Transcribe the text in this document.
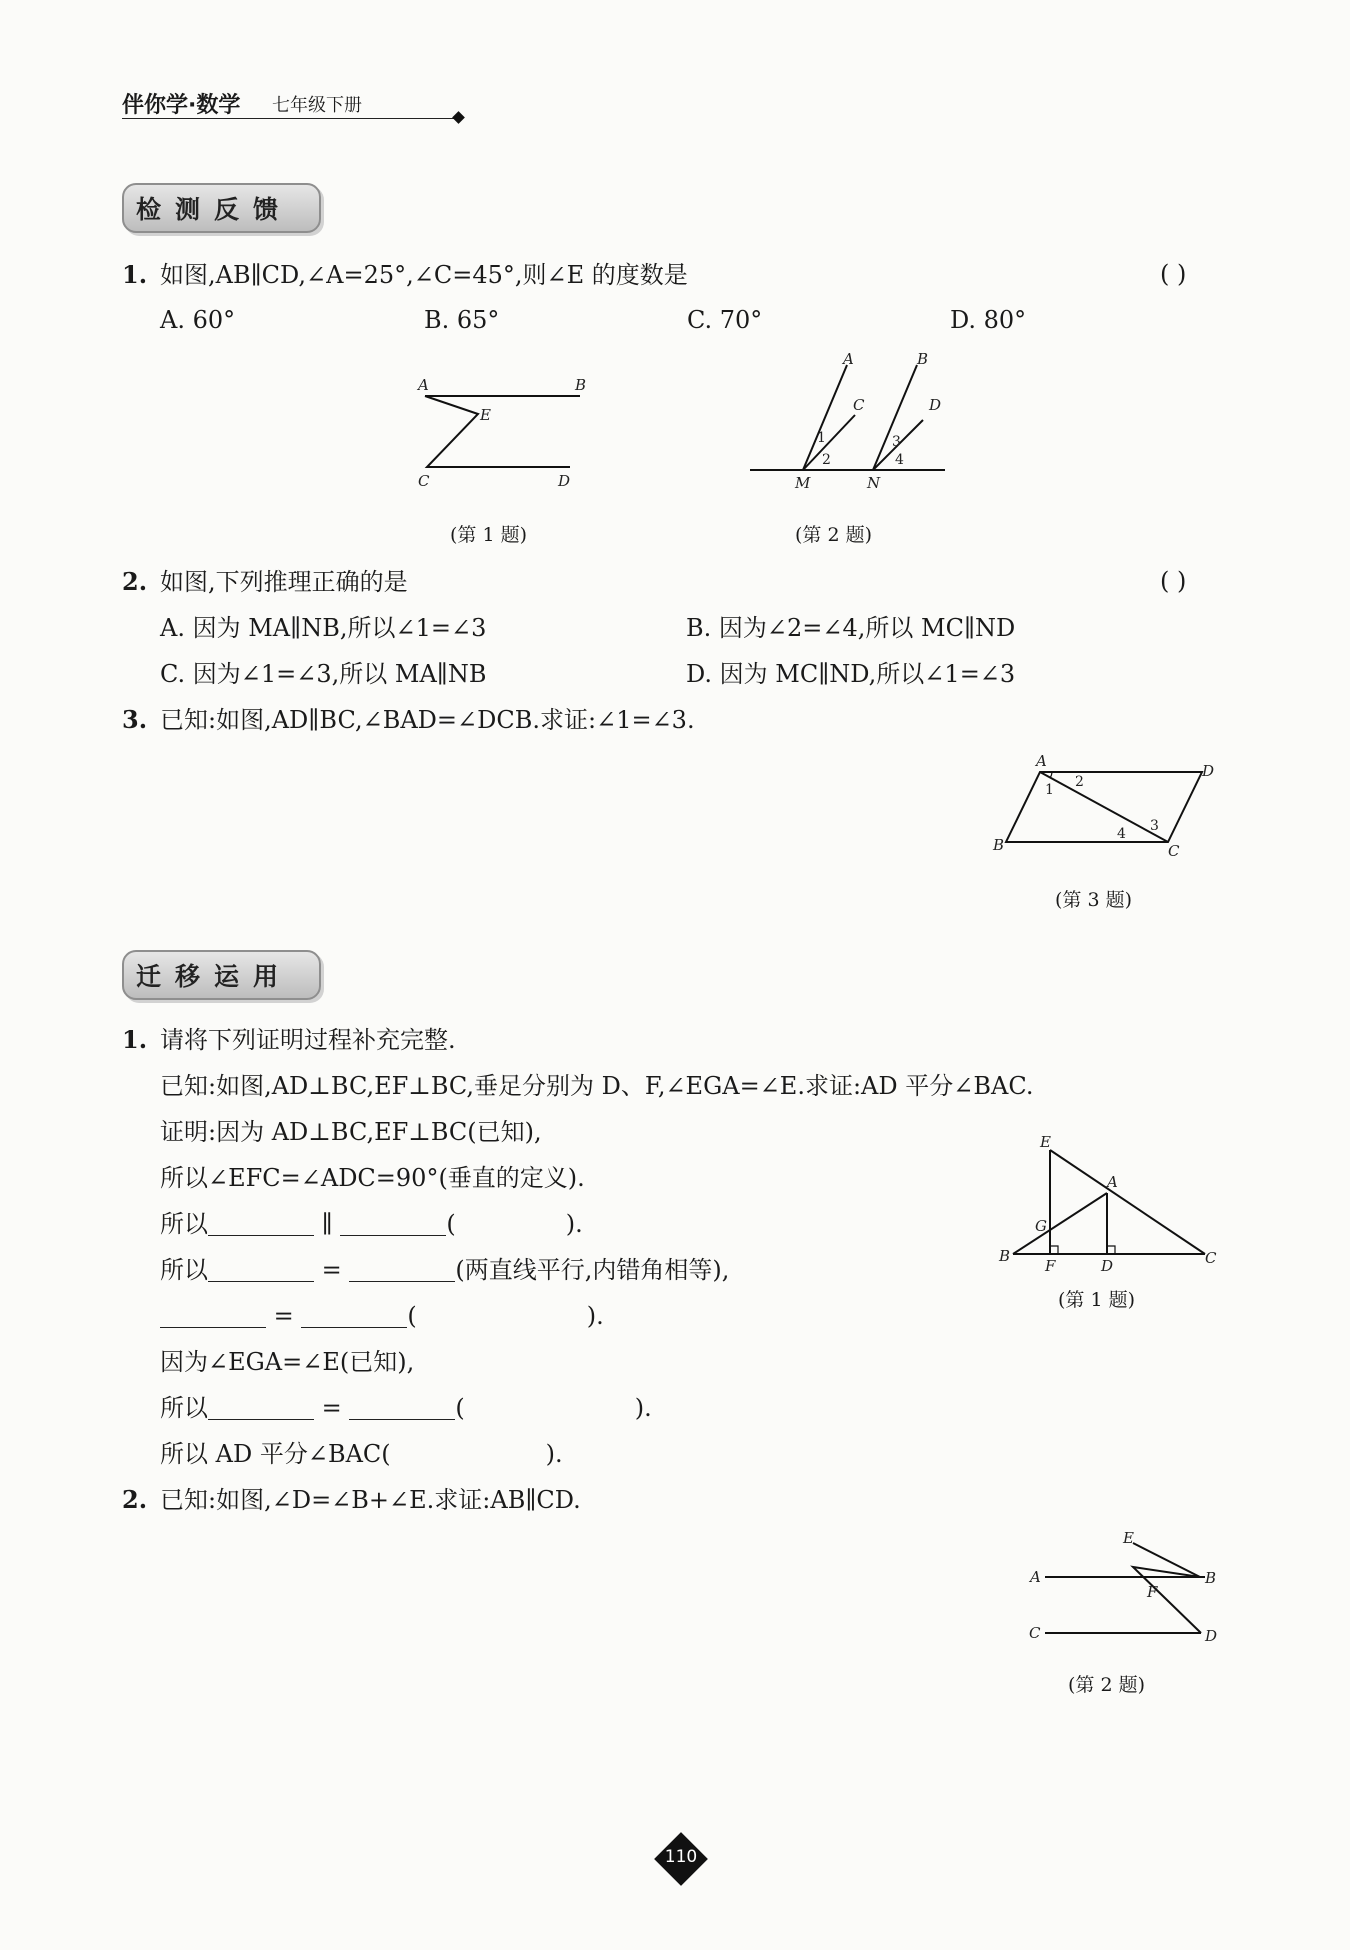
伴你学·数学 七年级下册
检测反馈
1. 如图,AB∥CD,∠A=25°,∠C=45°,则∠E 的度数是	( )
A. 60°	B. 65°	C. 70°	D. 80°
A	B
E
C	D
(第 1 题)
A	B
C	D
M	N
1
2
3
4
(第 2 题)
2. 如图,下列推理正确的是	( )
A. 因为 MA∥NB,所以∠1=∠3	B. 因为∠2=∠4,所以 MC∥ND
C. 因为∠1=∠3,所以 MA∥NB	D. 因为 MC∥ND,所以∠1=∠3
3. 已知:如图,AD∥BC,∠BAD=∠DCB.求证:∠1=∠3.
A
D
B	C
1 2
3
4
(第 3 题)
迁移运用
1. 请将下列证明过程补充完整.
已知:如图,AD⊥BC,EF⊥BC,垂足分别为 D、F,∠EGA=∠E.求证:AD 平分∠BAC.
证明:因为 AD⊥BC,EF⊥BC(已知),
所以∠EFC=∠ADC=90°(垂直的定义).
所以	∥	(	).
所以	=	(两直线平行,内错角相等),
=	(	).
因为∠EGA=∠E(已知),
所以	=	(	).
所以 AD 平分∠BAC(	).
E
A
G
B
F	D	C
(第 1 题)
2. 已知:如图,∠D=∠B+∠E.求证:AB∥CD.
E
A	B
F
C	D
(第 2 题)
110
